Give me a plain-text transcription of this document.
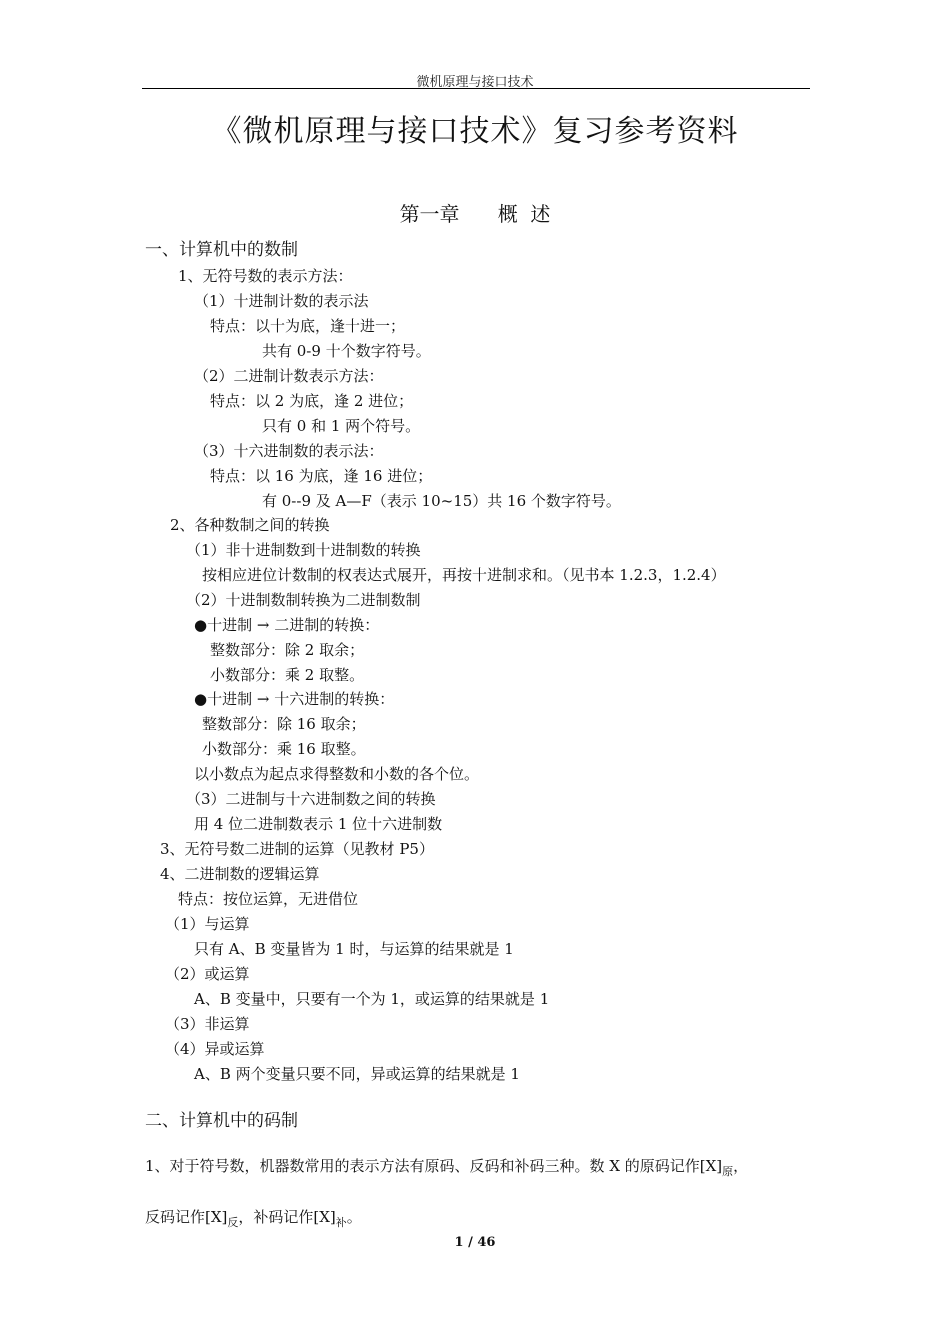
微机原理与接口技术
《微机原理与接口技术》复习参考资料
第一章      概  述
一、计算机中的数制
1、无符号数的表示方法：
（1）十进制计数的表示法
特点：以十为底，逢十进一；
共有 0-9 十个数字符号。
（2）二进制计数表示方法：
特点：以 2 为底，逢 2 进位；
只有 0 和 1 两个符号。
（3）十六进制数的表示法：
特点：以 16 为底，逢 16 进位；
有 0--9 及 A—F（表示 10~15）共 16 个数字符号。
2、各种数制之间的转换
（1）非十进制数到十进制数的转换
按相应进位计数制的权表达式展开，再按十进制求和。（见书本 1.2.3，1.2.4）
（2）十进制数制转换为二进制数制
●十进制 → 二进制的转换：
整数部分：除 2 取余；
小数部分：乘 2 取整。
●十进制 → 十六进制的转换：
整数部分：除 16 取余；
小数部分：乘 16 取整。
以小数点为起点求得整数和小数的各个位。
（3）二进制与十六进制数之间的转换
用 4 位二进制数表示 1 位十六进制数
3、无符号数二进制的运算（见教材 P5）
4、二进制数的逻辑运算
特点：按位运算，无进借位
（1）与运算
只有 A、B 变量皆为 1 时，与运算的结果就是 1
（2）或运算
A、B 变量中，只要有一个为 1，或运算的结果就是 1
（3）非运算
（4）异或运算
A、B 两个变量只要不同，异或运算的结果就是 1
二、计算机中的码制
1、对于符号数，机器数常用的表示方法有原码、反码和补码三种。数 X 的原码记作$[X]_原$，
反码记作$[X]_反$，补码记作$[X]_补$。
1 / 46
